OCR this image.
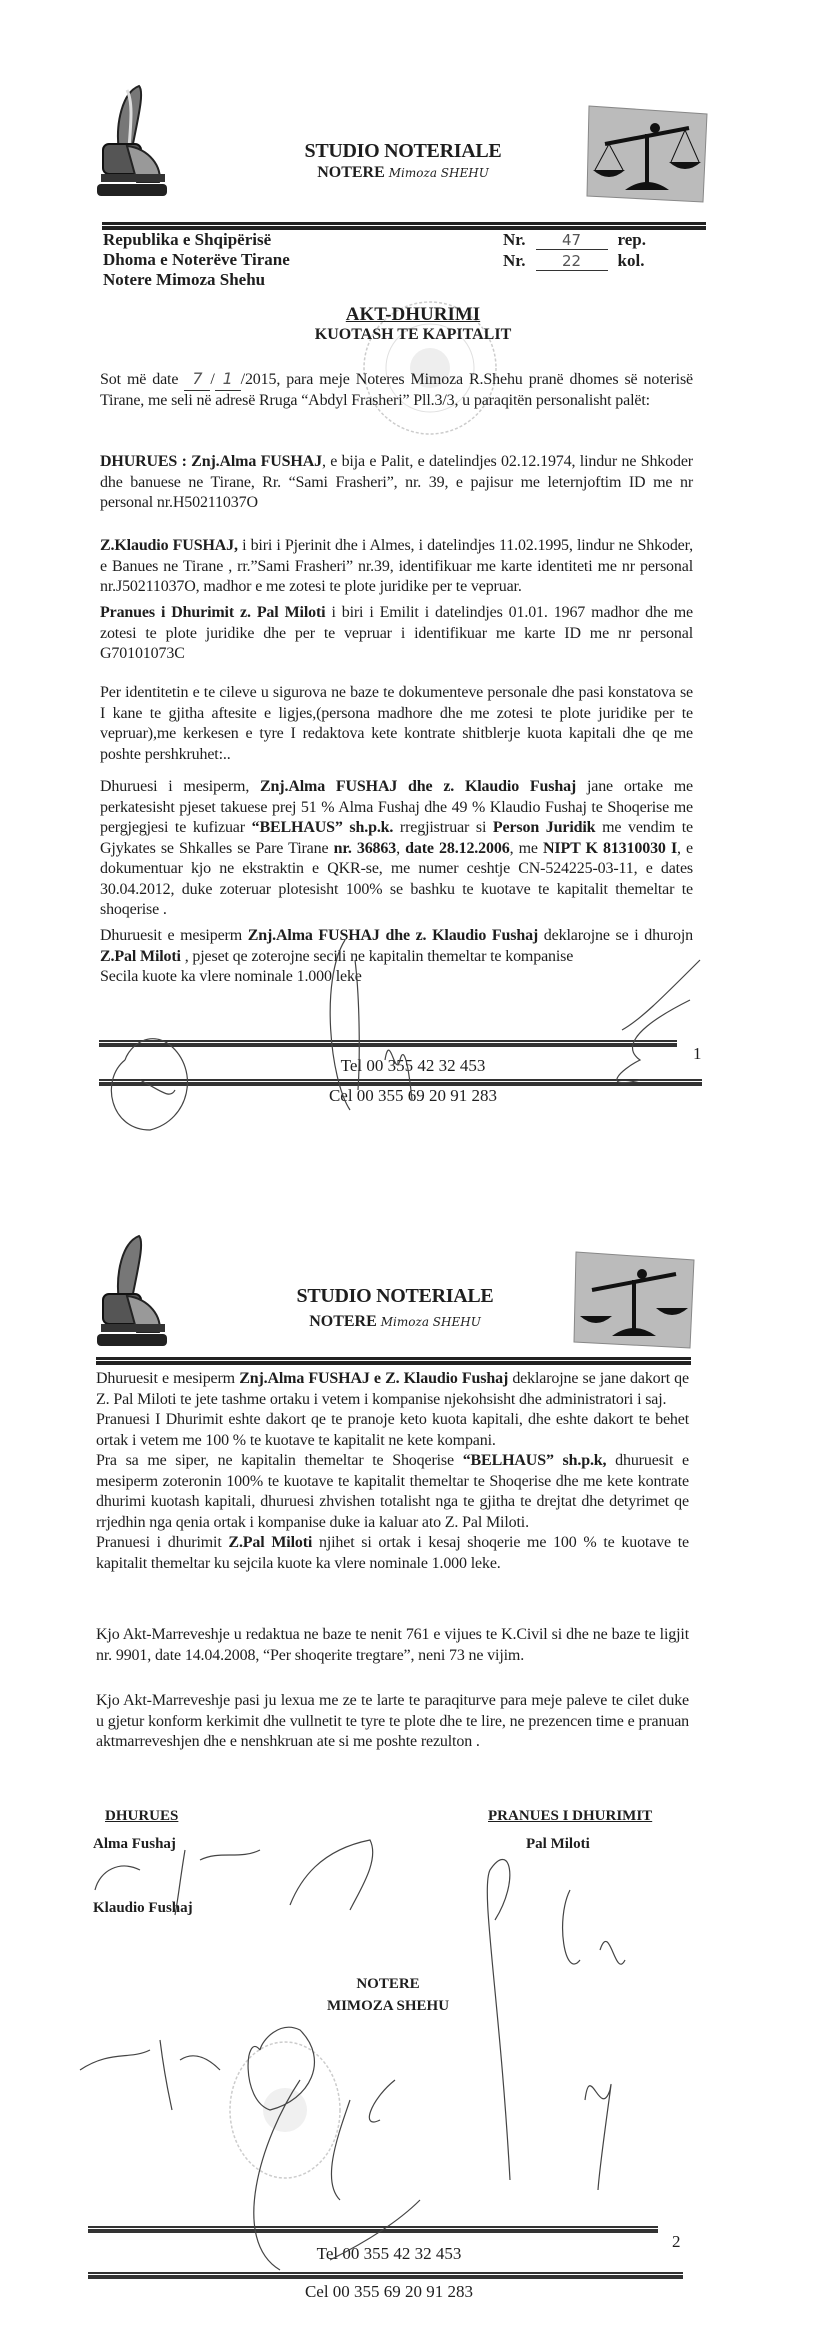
STUDIO NOTERIALE
NOTERE Mimoza SHEHU
Republika e Shqipërisë
Dhoma e Noterëve Tirane
Notere Mimoza Shehu
Nr. 47 rep.
Nr. 22 kol.
AKT-DHURIMI
KUOTASH TE KAPITALIT
Sot më date 7 / 1 /2015, para meje Noteres Mimoza R.Shehu pranë dhomes së noterisë Tirane, me seli në adresë Rruga “Abdyl Frasheri” Pll.3/3, u paraqitën personalisht palët:
DHURUES : Znj.Alma FUSHAJ, e bija e Palit, e datelindjes 02.12.1974, lindur ne Shkoder dhe banuese ne Tirane, Rr. “Sami Frasheri”, nr. 39, e pajisur me leternjoftim ID me nr personal nr.H50211037O
Z.Klaudio FUSHAJ, i biri i Pjerinit dhe i Almes, i datelindjes 11.02.1995, lindur ne Shkoder, e Banues ne Tirane , rr.”Sami Frasheri” nr.39, identifikuar me karte identiteti me nr personal nr.J50211037O, madhor e me zotesi te plote juridike per te vepruar.
Pranues i Dhurimit z. Pal Miloti i biri i Emilit i datelindjes 01.01. 1967 madhor dhe me zotesi te plote juridike dhe per te vepruar i identifikuar me karte ID me nr personal G70101073C
Per identitetin e te cileve u sigurova ne baze te dokumenteve personale dhe pasi konstatova se I kane te gjitha aftesite e ligjes,(persona madhore dhe me zotesi te plote juridike per te vepruar),me kerkesen e tyre I redaktova kete kontrate shitblerje kuota kapitali dhe qe me poshte pershkruhet:..
Dhuruesi i mesiperm, Znj.Alma FUSHAJ dhe z. Klaudio Fushaj jane ortake me perkatesisht pjeset takuese prej 51 % Alma Fushaj dhe 49 % Klaudio Fushaj te Shoqerise me pergjegjesi te kufizuar “BELHAUS” sh.p.k. rregjistruar si Person Juridik me vendim te Gjykates se Shkalles se Pare Tirane nr. 36863, date 28.12.2006, me NIPT K 81310030 I, e dokumentuar kjo ne ekstraktin e QKR-se, me numer ceshtje CN-524225-03-11, e dates 30.04.2012, duke zoteruar plotesisht 100% se bashku te kuotave te kapitalit themeltar te shoqerise .
Dhuruesit e mesiperm Znj.Alma FUSHAJ dhe z. Klaudio Fushaj deklarojne se i dhurojn Z.Pal Miloti , pjeset qe zoterojne secili ne kapitalin themeltar te kompanise
Secila kuote ka vlere nominale 1.000 leke
1
Tel 00 355 42 32 453
Cel 00 355 69 20 91 283
STUDIO NOTERIALE
NOTERE Mimoza SHEHU

Dhuruesit e mesiperm Znj.Alma FUSHAJ e Z. Klaudio Fushaj deklarojne se jane dakort qe Z. Pal Miloti te jete tashme ortaku i vetem i kompanise njekohsisht dhe administratori i saj.

Pranuesi I Dhurimit eshte dakort qe te pranoje keto kuota kapitali, dhe eshte dakort te behet ortak i vetem me 100 % te kuotave te kapitalit ne kete kompani.

Pra sa me siper, ne kapitalin themeltar te Shoqerise “BELHAUS” sh.p.k, dhuruesit e mesiperm zoteronin 100% te kuotave te kapitalit themeltar te Shoqerise dhe me kete kontrate dhurimi kuotash kapitali, dhuruesi zhvishen totalisht nga te gjitha te drejtat dhe detyrimet qe rrjedhin nga qenia ortak i kompanise duke ia kaluar ato Z. Pal Miloti.

Pranuesi i dhurimit Z.Pal Miloti njihet si ortak i kesaj shoqerie me 100 % te kuotave te kapitalit themeltar ku sejcila kuote ka vlere nominale 1.000 leke.

Kjo Akt-Marreveshje u redaktua ne baze te nenit 761 e vijues te K.Civil si dhe ne baze te ligjit nr. 9901, date 14.04.2008, “Per shoqerite tregtare”, neni 73 ne vijim.
Kjo Akt-Marreveshje pasi ju lexua me ze te larte te paraqiturve para meje paleve te cilet duke u gjetur konform kerkimit dhe vullnetit te tyre te plote dhe te lire, ne prezencen time e pranuan aktmarreveshjen dhe e nenshkruan ate si me poshte rezulton .
DHURUES	PRANUES I DHURIMIT
Alma Fushaj
Klaudio Fushaj
Pal Miloti
NOTERE
MIMOZA SHEHU
2
Tel 00 355 42 32 453
Cel 00 355 69 20 91 283
